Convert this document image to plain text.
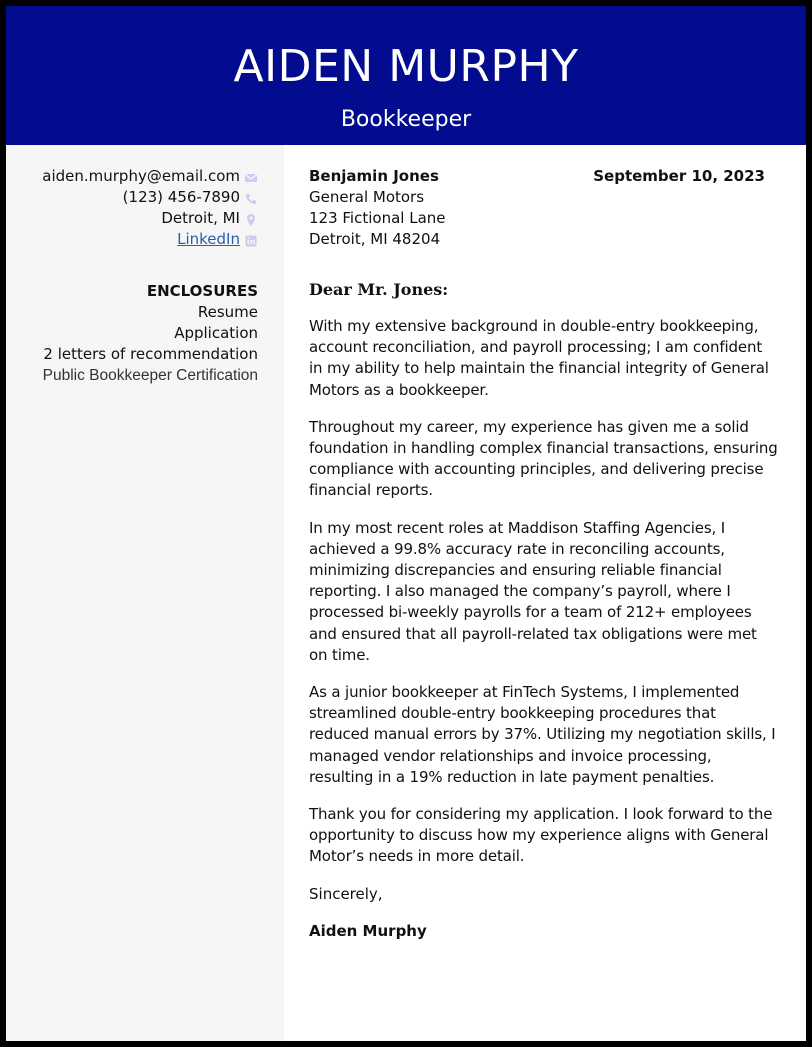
AIDEN MURPHY
Bookkeeper
aiden.murphy@email.com
(123) 456-7890
Detroit, MI
LinkedIn
ENCLOSURES
Resume
Application
2 letters of recommendation
Public Bookkeeper Certification
Benjamin Jones
General Motors
123 Fictional Lane
Detroit, MI 48204
September 10, 2023
Dear Mr. Jones:
With my extensive background in double-entry bookkeeping, account reconciliation, and payroll processing; I am confident in my ability to help maintain the financial integrity of General Motors as a bookkeeper.
Throughout my career, my experience has given me a solid foundation in handling complex financial transactions, ensuring compliance with accounting principles, and delivering precise financial reports.
In my most recent roles at Maddison Staffing Agencies, I achieved a 99.8% accuracy rate in reconciling accounts, minimizing discrepancies and ensuring reliable financial reporting. I also managed the company’s payroll, where I processed bi-weekly payrolls for a team of 212+ employees and ensured that all payroll-related tax obligations were met on time.
As a junior bookkeeper at FinTech Systems, I implemented streamlined double-entry bookkeeping procedures that reduced manual errors by 37%. Utilizing my negotiation skills, I managed vendor relationships and invoice processing, resulting in a 19% reduction in late payment penalties.
Thank you for considering my application. I look forward to the opportunity to discuss how my experience aligns with General Motor’s needs in more detail.
Sincerely,
Aiden Murphy
